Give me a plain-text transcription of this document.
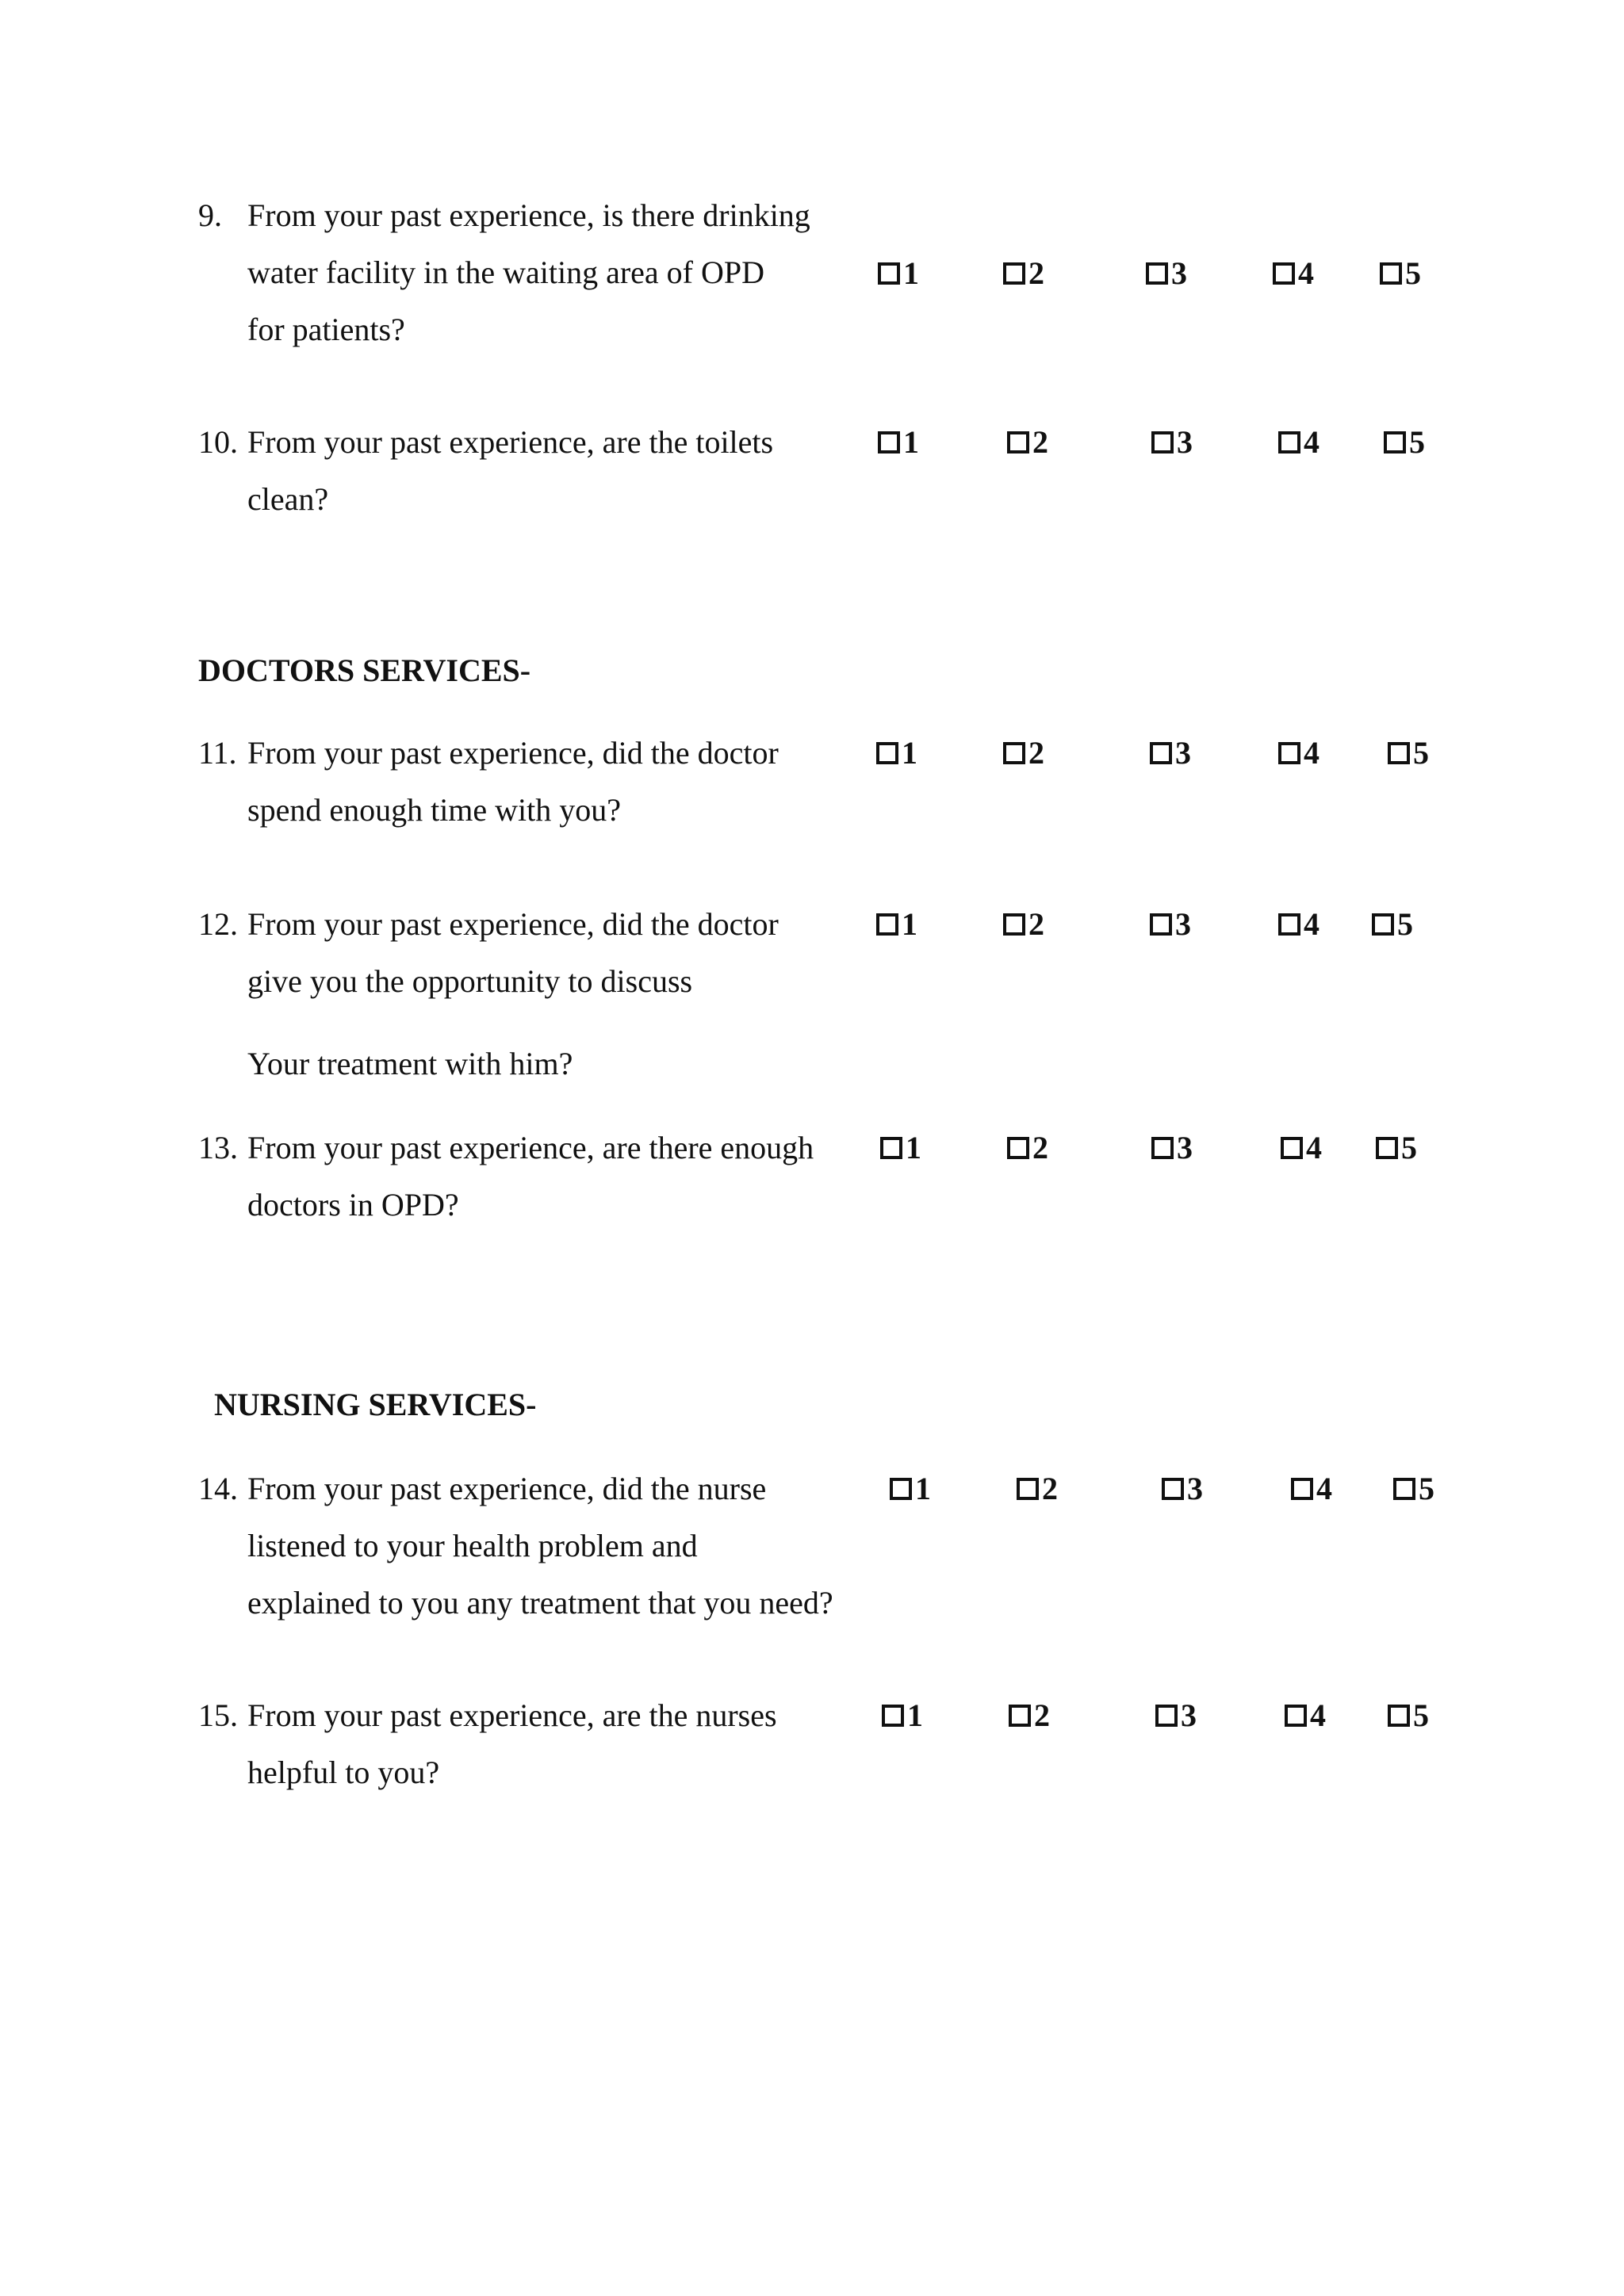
9. From your past experience, is there drinking
water facility in the waiting area of OPD
for patients?
1	2	3	4	5
10. From your past experience, are the toilets
clean?
1	2	3	4	5
DOCTORS SERVICES-
11. From your past experience, did the doctor
spend enough time with you?
1	2	3	4	5
12. From your past experience, did the doctor
give you the opportunity to discuss
Your treatment with him?
1	2	3	4 5
13. From your past experience, are there enough
doctors in OPD?
1	2	3	4	5
NURSING SERVICES-
14. From your past experience, did the nurse
listened to your health problem and
explained to you any treatment that you need?
1	2	3	4	5
15. From your past experience, are the nurses
helpful to you?
1	2	3	4	5
